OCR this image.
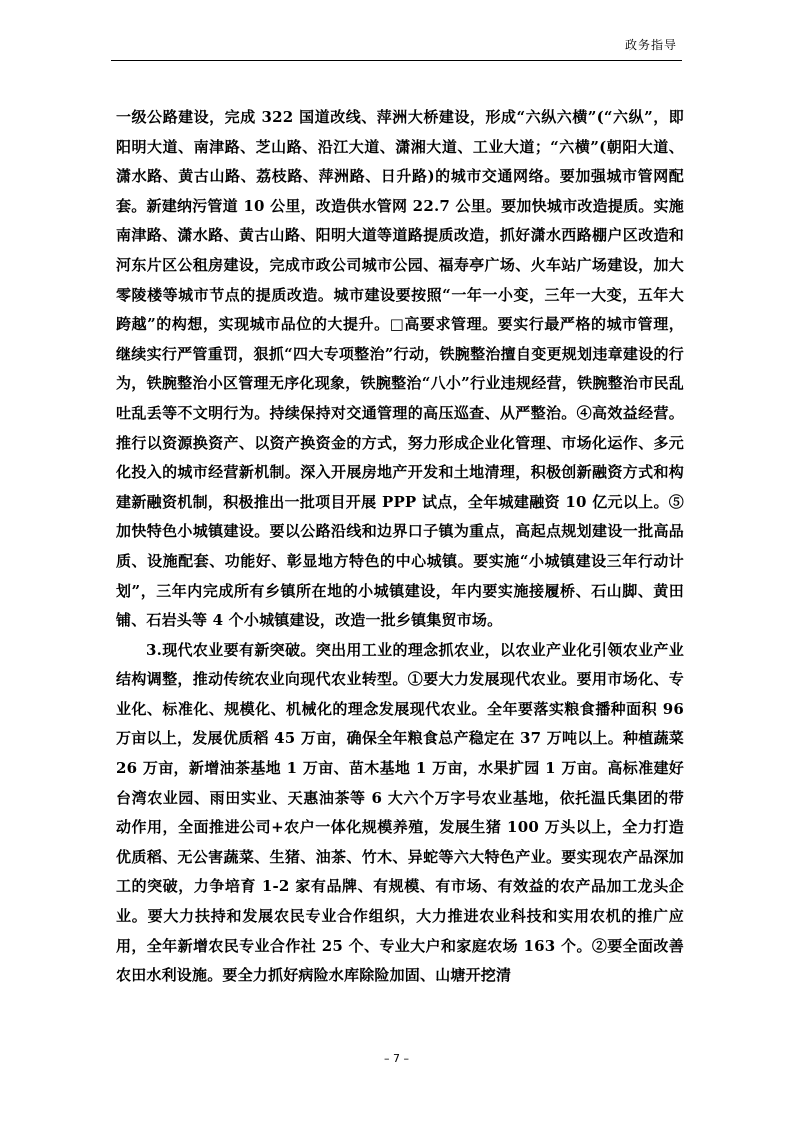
政务指导

一级公路建设，完成 322 国道改线、萍洲大桥建设，形成“六纵六横”(“六纵”，即阳明大道、南津路、芝山路、沿江大道、潇湘大道、工业大道；“六横”(朝阳大道、潇水路、黄古山路、荔枝路、萍洲路、日升路)的城市交通网络。要加强城市管网配套。新建纳污管道 10 公里，改造供水管网 22.7 公里。要加快城市改造提质。实施南津路、潇水路、黄古山路、阳明大道等道路提质改造，抓好潇水西路棚户区改造和河东片区公租房建设，完成市政公司城市公园、福寿亭广场、火车站广场建设，加大零陵楼等城市节点的提质改造。城市建设要按照“一年一小变，三年一大变，五年大跨越”的构想，实现城市品位的大提升。□高要求管理。要实行最严格的城市管理，继续实行严管重罚，狠抓“四大专项整治”行动，铁腕整治擅自变更规划违章建设的行为，铁腕整治小区管理无序化现象，铁腕整治“八小”行业违规经营，铁腕整治市民乱吐乱丢等不文明行为。持续保持对交通管理的高压巡查、从严整治。④高效益经营。推行以资源换资产、以资产换资金的方式，努力形成企业化管理、市场化运作、多元化投入的城市经营新机制。深入开展房地产开发和土地清理，积极创新融资方式和构建新融资机制，积极推出一批项目开展 PPP 试点，全年城建融资 10 亿元以上。⑤加快特色小城镇建设。要以公路沿线和边界口子镇为重点，高起点规划建设一批高品质、设施配套、功能好、彰显地方特色的中心城镇。要实施“小城镇建设三年行动计划”，三年内完成所有乡镇所在地的小城镇建设，年内要实施接履桥、石山脚、黄田铺、石岩头等 4 个小城镇建设，改造一批乡镇集贸市场。

3.现代农业要有新突破。突出用工业的理念抓农业，以农业产业化引领农业产业结构调整，推动传统农业向现代农业转型。①要大力发展现代农业。要用市场化、专业化、标准化、规模化、机械化的理念发展现代农业。全年要落实粮食播种面积 96 万亩以上，发展优质稻 45 万亩，确保全年粮食总产稳定在 37 万吨以上。种植蔬菜 26 万亩，新增油茶基地 1 万亩、苗木基地 1 万亩，水果扩园 1 万亩。高标准建好台湾农业园、雨田实业、天惠油茶等 6 大六个万字号农业基地，依托温氏集团的带动作用，全面推进公司+农户一体化规模养殖，发展生猪 100 万头以上，全力打造优质稻、无公害蔬菜、生猪、油茶、竹木、异蛇等六大特色产业。要实现农产品深加工的突破，力争培育 1-2 家有品牌、有规模、有市场、有效益的农产品加工龙头企业。要大力扶持和发展农民专业合作组织，大力推进农业科技和实用农机的推广应用，全年新增农民专业合作社 25 个、专业大户和家庭农场 163 个。②要全面改善农田水利设施。要全力抓好病险水库除险加固、山塘开挖清

– 7 –
